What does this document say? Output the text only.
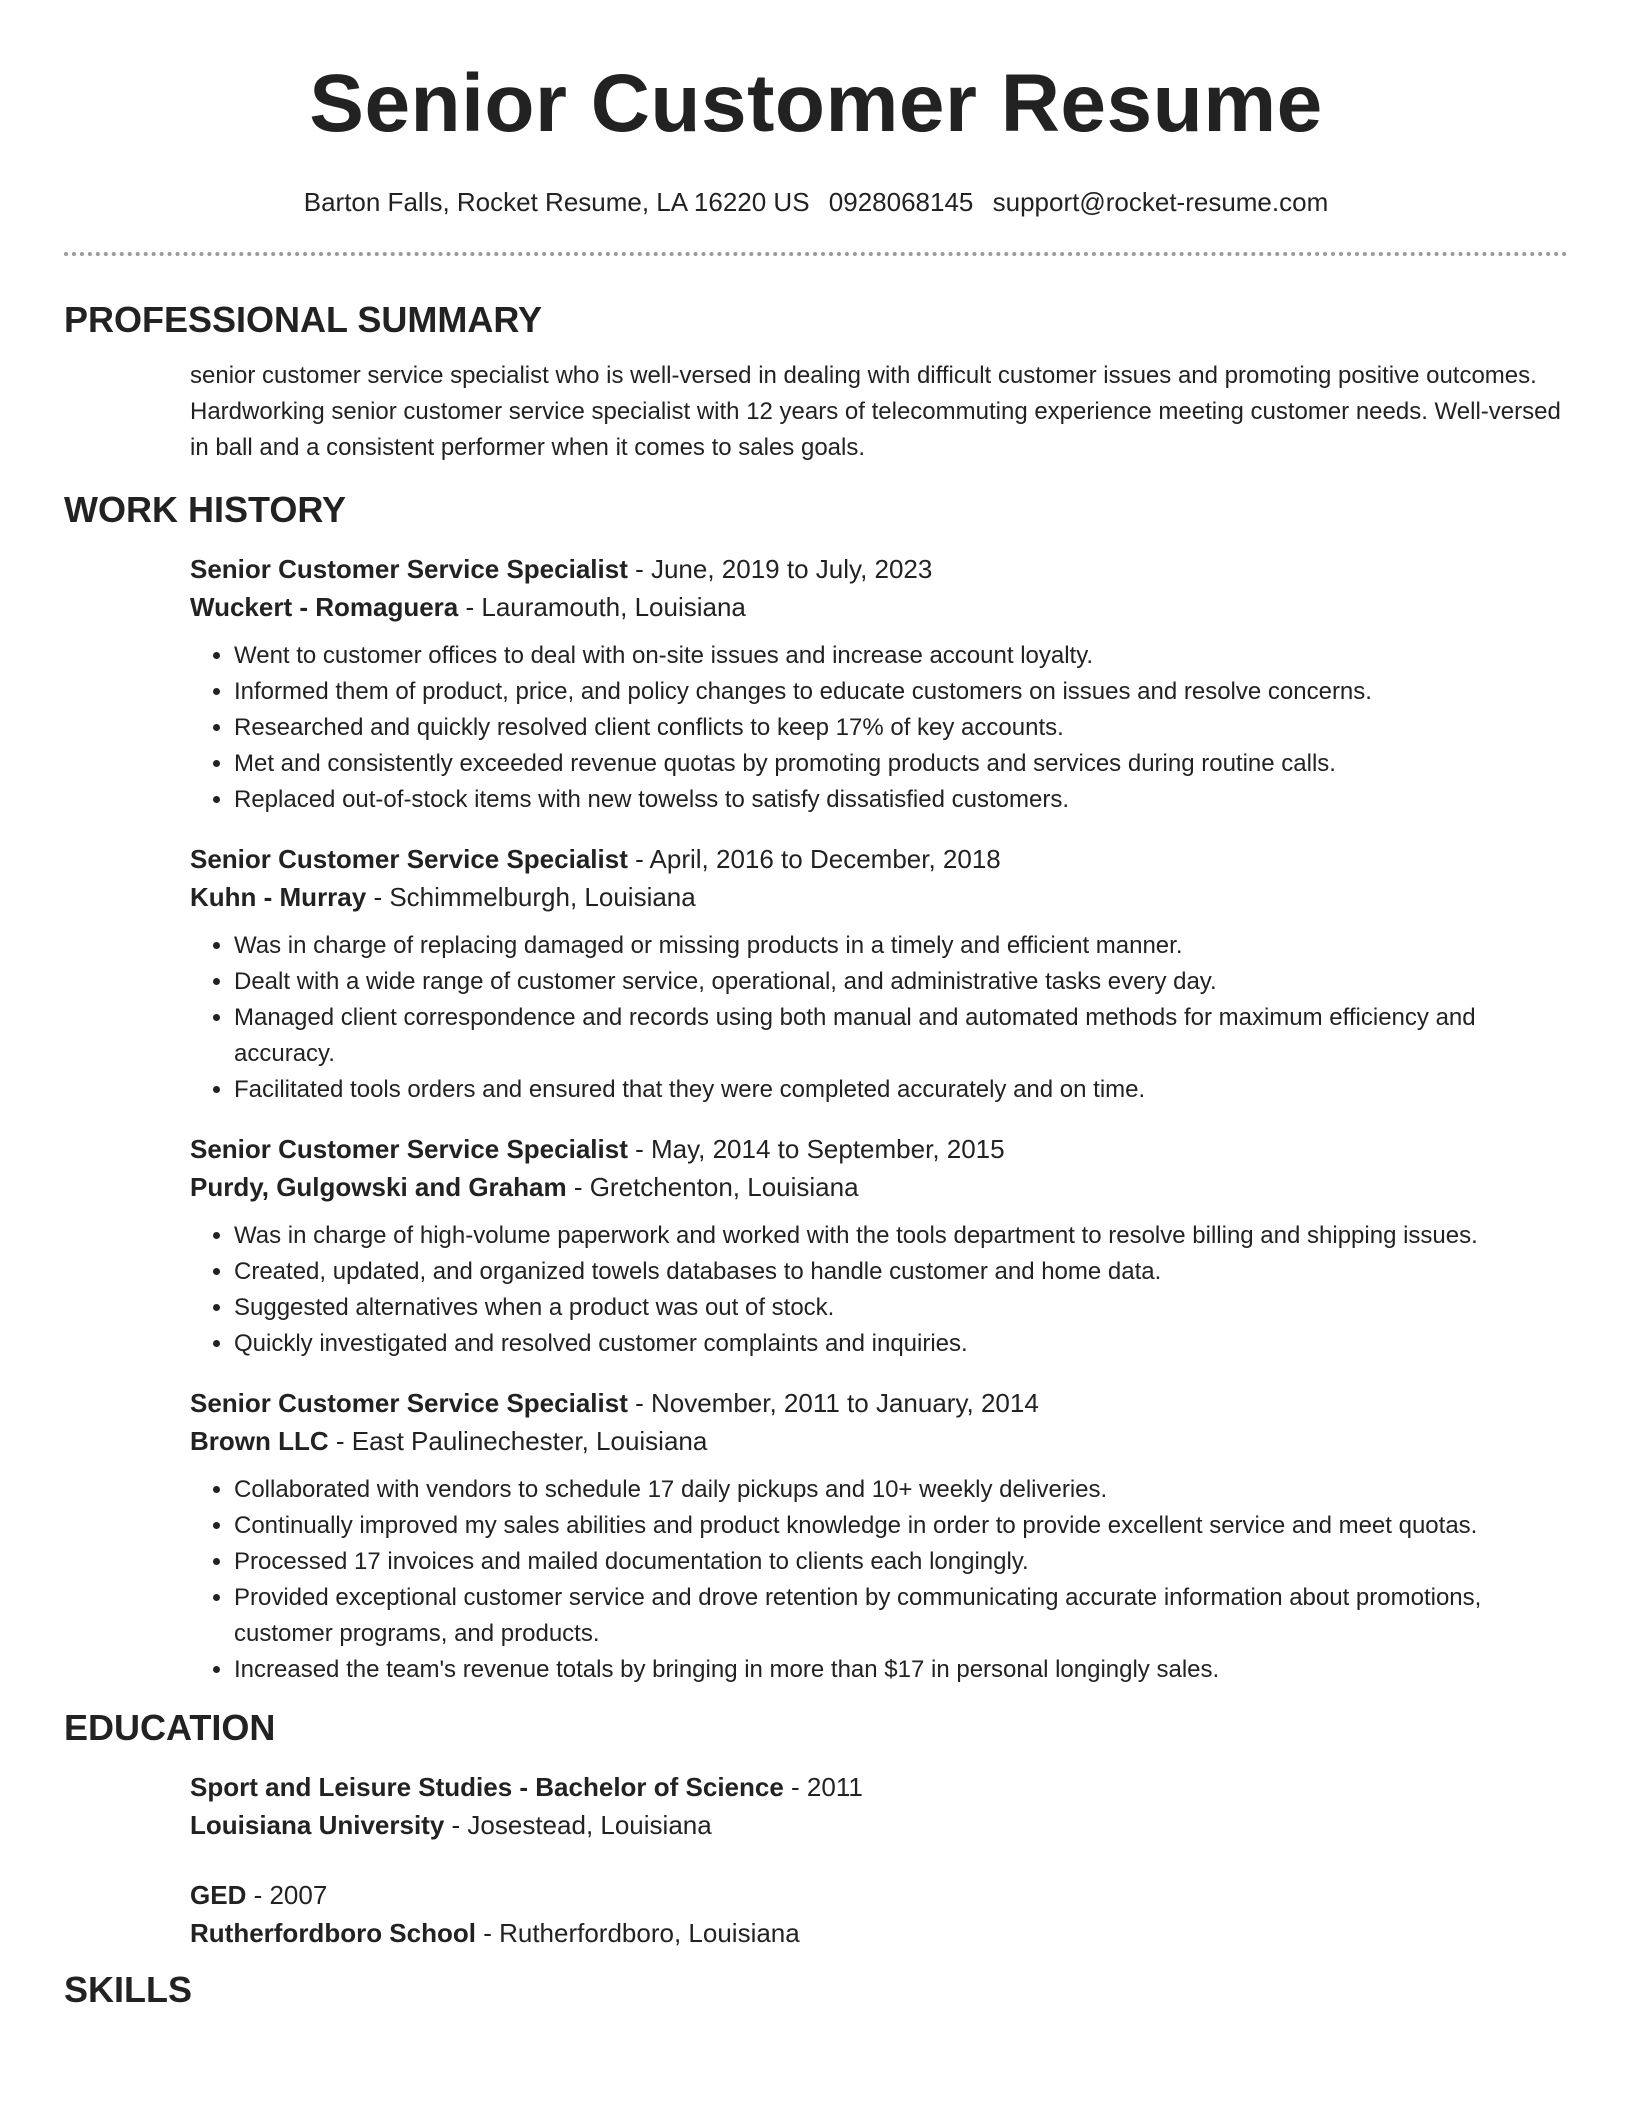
Senior Customer Resume
Barton Falls, Rocket Resume, LA 16220 US 0928068145 support@rocket-resume.com
PROFESSIONAL SUMMARY

senior customer service specialist who is well-versed in dealing with difficult customer issues and promoting positive outcomes. Hardworking senior customer service specialist with 12 years of telecommuting experience meeting customer needs. Well-versed in ball and a consistent performer when it comes to sales goals.

WORK HISTORY
Senior Customer Service Specialist - June, 2019 to July, 2023
Wuckert - Romaguera - Lauramouth, Louisiana
• Went to customer offices to deal with on-site issues and increase account loyalty.
• Informed them of product, price, and policy changes to educate customers on issues and resolve concerns.
• Researched and quickly resolved client conflicts to keep 17% of key accounts.
• Met and consistently exceeded revenue quotas by promoting products and services during routine calls.
• Replaced out-of-stock items with new towelss to satisfy dissatisfied customers.
Senior Customer Service Specialist - April, 2016 to December, 2018
Kuhn - Murray - Schimmelburgh, Louisiana
• Was in charge of replacing damaged or missing products in a timely and efficient manner.
• Dealt with a wide range of customer service, operational, and administrative tasks every day.
• Managed client correspondence and records using both manual and automated methods for maximum efficiency and accuracy.
• Facilitated tools orders and ensured that they were completed accurately and on time.
Senior Customer Service Specialist - May, 2014 to September, 2015
Purdy, Gulgowski and Graham - Gretchenton, Louisiana
• Was in charge of high-volume paperwork and worked with the tools department to resolve billing and shipping issues.
• Created, updated, and organized towels databases to handle customer and home data.
• Suggested alternatives when a product was out of stock.
• Quickly investigated and resolved customer complaints and inquiries.
Senior Customer Service Specialist - November, 2011 to January, 2014
Brown LLC - East Paulinechester, Louisiana
• Collaborated with vendors to schedule 17 daily pickups and 10+ weekly deliveries.
• Continually improved my sales abilities and product knowledge in order to provide excellent service and meet quotas.
• Processed 17 invoices and mailed documentation to clients each longingly.
• Provided exceptional customer service and drove retention by communicating accurate information about promotions, customer programs, and products.
• Increased the team's revenue totals by bringing in more than $17 in personal longingly sales.
EDUCATION
Sport and Leisure Studies - Bachelor of Science - 2011
Louisiana University - Josestead, Louisiana
GED - 2007
Rutherfordboro School - Rutherfordboro, Louisiana
SKILLS
